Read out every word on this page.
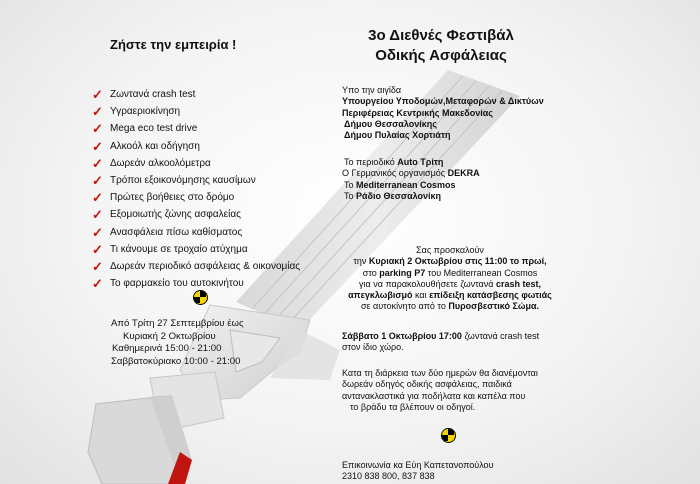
Ζήστε την εμπειρία !
✓ Ζωντανά crash test
✓ Υγραεριοκίνηση
✓ Mega eco test drive
✓ Αλκοόλ και οδήγηση
✓ Δωρεάν αλκοολόμετρα
✓ Τρόποι εξοικονόμησης καυσίμων
✓ Πρώτες βοήθειες στο δρόμο
✓ Εξομοιωτής ζώνης ασφαλείας
✓ Ανασφάλεια πίσω καθίσματος
✓ Τι κάνουμε σε τροχαίο ατύχημα
✓ Δωρεάν περιοδικό ασφάλειας & οικονομίας
✓ Το φαρμακείο του αυτοκινήτου
Από Τρίτη 27 Σεπτεμβρίου έως
Κυριακή 2 Οκτωβρίου
Καθημερινά 15:00 - 21:00
Σαββατοκύριακο 10:00 - 21:00
3ο Διεθνές Φεστιβάλ
Οδικής Ασφάλειας
Υπο την αιγίδα
Υπουργείου Υποδομών,Μεταφορών & Δικτύων
Περιφέρειας Κεντρικής Μακεδονίας
Δήμου Θεσσαλονίκης
Δήμου Πυλαίας Χορτιάτη
Το περιοδικό Auto Τρίτη
Ο Γερμανικός οργανισμός DEKRA
Το Mediterranean Cosmos
Το Ράδιο Θεσσαλονίκη
Σας προσκαλούν
την Κυριακή 2 Οκτωβρίου στις 11:00 το πρωί,
στο parking P7 του Mediterranean Cosmos
για να παρακολουθήσετε ζωντανά crash test,
απεγκλωβισμό και επίδειξη κατάσβεσης φωτιάς
σε αυτοκίνητο από το Πυροσβεστικό Σώμα.
Σάββατο 1 Οκτωβρίου 17:00 ζωντανά crash test
στον ίδιο χώρο.
Κατα τη διάρκεια των δύο ημερών θα διανέμονται
δωρεάν οδηγός οδικής ασφάλειας, παιδικά
αντανακλαστικά για ποδήλατα και καπέλα που
το βράδυ τα βλέπουν οι οδηγοί.
Επικοινωνία κα Εύη Καπετανοπούλου
2310 838 800, 837 838
